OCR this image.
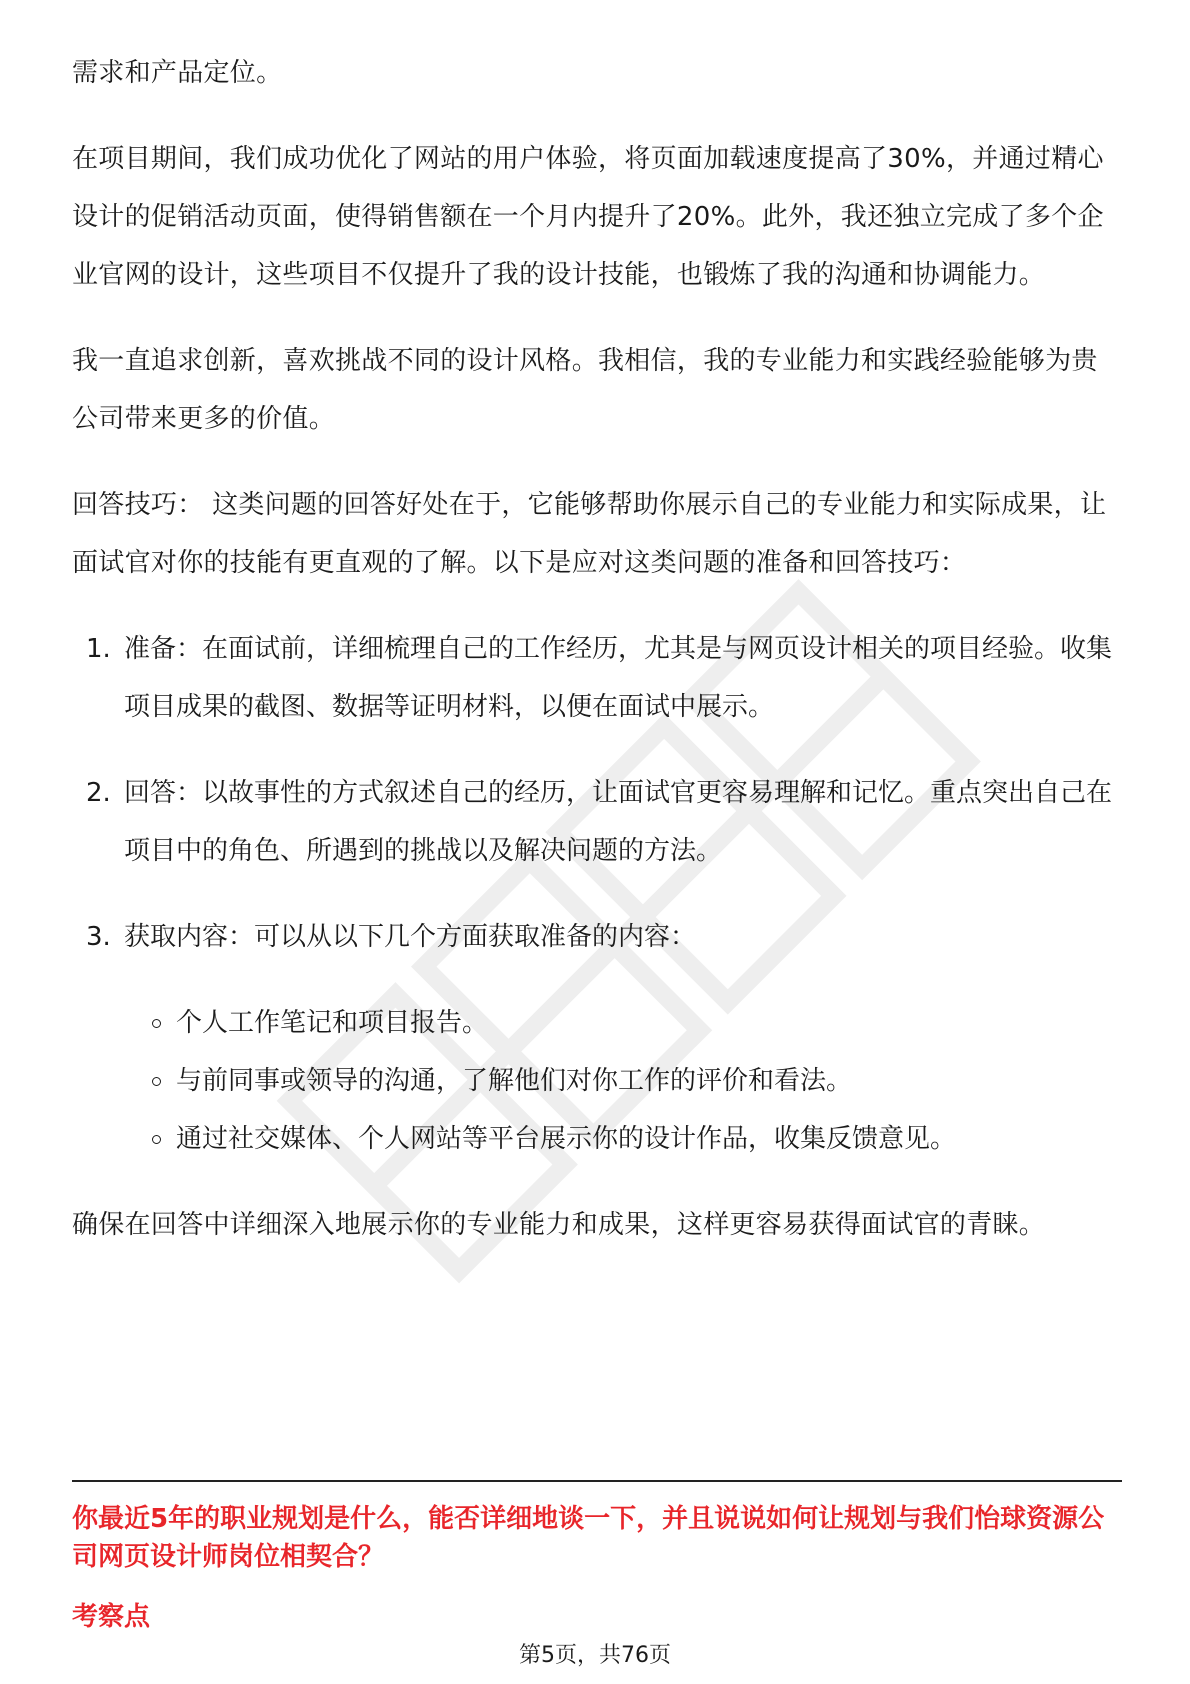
需求和产品定位。

在项目期间，我们成功优化了网站的用户体验，将页面加载速度提高了30%，并通过精心设计的促销活动页面，使得销售额在一个月内提升了20%。此外，我还独立完成了多个企业官网的设计，这些项目不仅提升了我的设计技能，也锻炼了我的沟通和协调能力。

我一直追求创新，喜欢挑战不同的设计风格。我相信，我的专业能力和实践经验能够为贵公司带来更多的价值。

回答技巧： 这类问题的回答好处在于，它能够帮助你展示自己的专业能力和实际成果，让面试官对你的技能有更直观的了解。以下是应对这类问题的准备和回答技巧：

1. 准备：在面试前，详细梳理自己的工作经历，尤其是与网页设计相关的项目经验。收集项目成果的截图、数据等证明材料，以便在面试中展示。
2. 回答：以故事性的方式叙述自己的经历，让面试官更容易理解和记忆。重点突出自己在项目中的角色、所遇到的挑战以及解决问题的方法。
3. 获取内容：可以从以下几个方面获取准备的内容：
个人工作笔记和项目报告。
与前同事或领导的沟通，了解他们对你工作的评价和看法。
通过社交媒体、个人网站等平台展示你的设计作品，收集反馈意见。

确保在回答中详细深入地展示你的专业能力和成果，这样更容易获得面试官的青睐。

你最近5年的职业规划是什么，能否详细地谈一下，并且说说如何让规划与我们怡球资源公司网页设计师岗位相契合？
考察点
第5页，共76页
